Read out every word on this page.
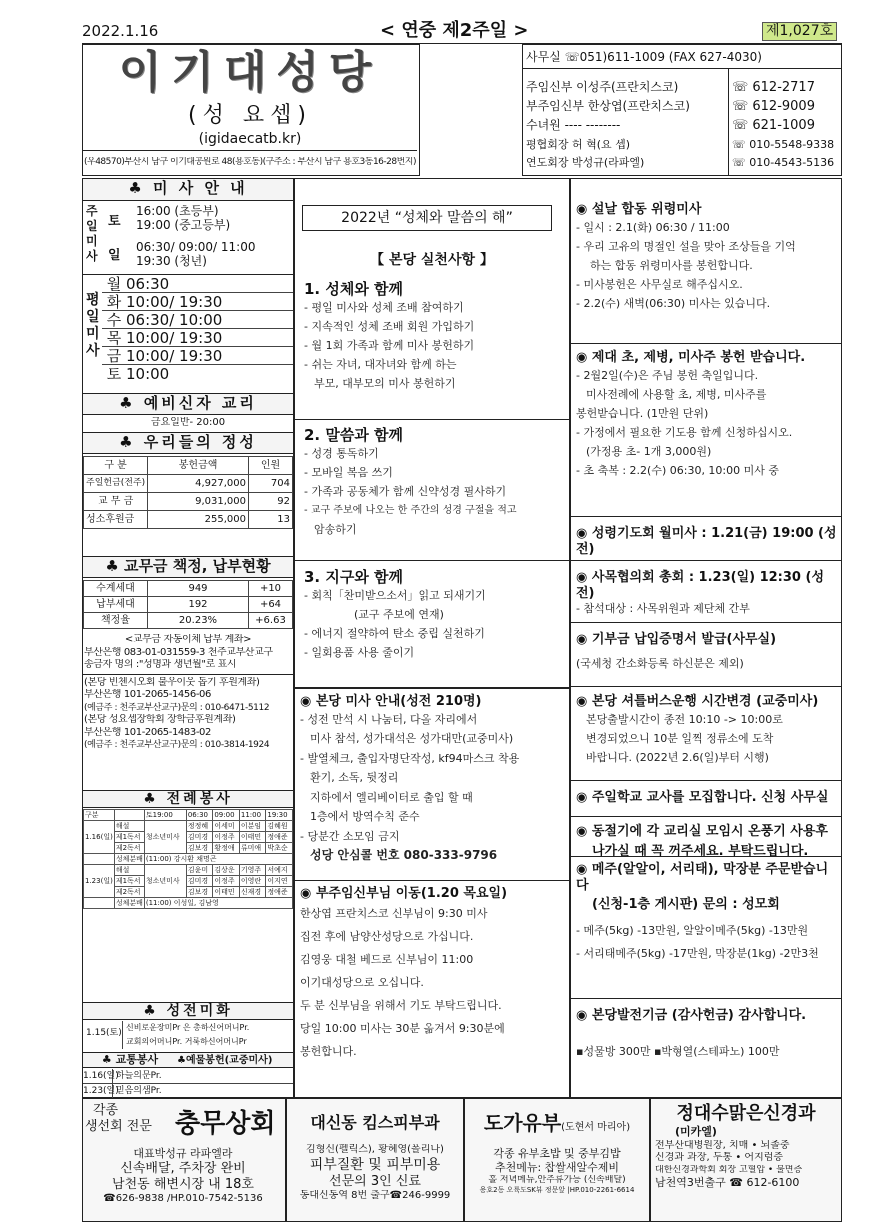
2022.1.16	< 연중 제2주일 >	제1,027호
이기대성당
(성 요셉)
(igidaecatb.kr)
(우48570)부산시 남구 이기대공원로 48(용호동)(구주소 : 부산시 남구 용호3동16-28번지)
사무실 ☏051)611-1009 (FAX 627-4030)
주임신부 이성주(프란치스코)	☏ 612-2717
부주임신부 한상엽(프란치스코)	☏ 612-9009
수녀원 ---- --------	☏ 621-1009
평협회장 허 혁(요 셉)	☏ 010-5548-9338
연도회장 박성규(라파엘)	☏ 010-4543-5136
♣ 미 사 안 내
주일미사
토
16:00 (초등부)
19:00 (중고등부)
일
06:30/ 09:00/ 11:00
19:30 (청년)
평일미사
월 06:30
화 10:00/ 19:30
수 06:30/ 10:00
목 10:00/ 19:30
금 10:00/ 19:30
토 10:00
♣ 예비신자 교리
금요일반- 20:00
♣ 우리들의 정성
구 분	봉헌금액	인원
주일헌금(전주)	4,927,000	704
교 무 금	9,031,000	92
성소후원금	255,000	13
♣ 교무금 책정, 납부현황
수계세대	949	+10
납부세대	192	+64
책정율	20.23%	+6.63
<교무금 자동이체 납부 계좌>
부산은행 083-01-031559-3 천주교부산교구
송금자 명의 :"성명과 생년월"로 표시
(본당 빈첸시오회 불우이웃 돕기 후원계좌)
부산은행 101-2065-1456-06
(예금주 : 천주교부산교구)문의 : 010-6471-5112
(본당 성요셉장학회 장학금후원계좌)
부산은행 101-2065-1483-02
(예금주 : 천주교부산교구)문의 : 010-3814-1924
♣ 전례봉사
구분		토19:00	06:30	09:00	11:00	19:30
1.16(일)	해설	청소년미사	정정혜	이세미	이분임	김혜원
	제1독서		김미경	이정주	이태민	정애준
	제2독서		김보경	황정애	류미애	박초순
	성체분배	(11:00) 강시환 채명곤				
1.23(일)	해설	청소년미사	김윤미	김상운	기영주	서예지
	제1독서		김미경	이정주	이영란	이지연
	제2독서		김보경	이태민	신재경	정애준
	성체분배	(11:00) 이성일, 김남영				
♣ 성전미화
1.15(토)
신비로운장미Pr 은 총하신어머니Pr.
교회의어머니Pr. 거룩하신어머니Pr
♣ 교통봉사 ♣예물봉헌(교중미사)
1.16(일) 하늘의문Pr.
1.23(일) 믿음의샘Pr.
2022년 “성체와 말씀의 해”
【 본당 실천사항 】
1. 성체와 함께
- 평일 미사와 성체 조배 참여하기
- 지속적인 성체 조배 회원 가입하기
- 월 1회 가족과 함께 미사 봉헌하기
- 쉬는 자녀, 대자녀와 함께 하는
부모, 대부모의 미사 봉헌하기
2. 말씀과 함께
- 성경 통독하기
- 모바일 복음 쓰기
- 가족과 공동체가 함께 신약성경 필사하기
- 교구 주보에 나오는 한 주간의 성경 구절을 적고
암송하기
3. 지구와 함께
- 회칙「찬미받으소서」읽고 되새기기
(교구 주보에 연재)
- 에너지 절약하여 탄소 중립 실천하기
- 일회용품 사용 줄이기
◉ 본당 미사 안내(성전 210명)
- 성전 만석 시 나눔터, 다올 자리에서
미사 참석, 성가대석은 성가대만(교중미사)
- 발열체크, 출입자명단작성, kf94마스크 착용
환기, 소독, 뒷정리
지하에서 엘리베이터로 출입 할 때
1층에서 방역수칙 준수
- 당분간 소모임 금지
성당 안심콜 번호 080-333-9796
◉ 부주임신부님 이동(1.20 목요일)
한상엽 프란치스코 신부님이 9:30 미사
집전 후에 남양산성당으로 가십니다.
김영웅 대철 베드로 신부님이 11:00
이기대성당으로 오십니다.
두 분 신부님을 위해서 기도 부탁드립니다.
당일 10:00 미사는 30분 옮겨서 9:30분에
봉헌합니다.
◉ 설날 합동 위령미사
- 일시 : 2.1(화) 06:30 / 11:00
- 우리 고유의 명절인 설을 맞아 조상들을 기억
하는 합동 위령미사를 봉헌합니다.
- 미사봉헌은 사무실로 해주십시오.
- 2.2(수) 새벽(06:30) 미사는 있습니다.
◉ 제대 초, 제병, 미사주 봉헌 받습니다.
- 2월2일(수)은 주님 봉헌 축일입니다.
미사전례에 사용할 초, 제병, 미사주를
봉헌받습니다. (1만원 단위)
- 가정에서 필요한 기도용 함께 신청하십시오.
(가정용 초- 1개 3,000원)
- 초 축복 : 2.2(수) 06:30, 10:00 미사 중
◉ 성령기도회 월미사 : 1.21(금) 19:00 (성전)
◉ 사목협의회 총회 : 1.23(일) 12:30 (성전)
- 참석대상 : 사목위원과 제단체 간부
◉ 기부금 납입증명서 발급(사무실)
(국세청 간소화등록 하신분은 제외)
◉ 본당 셔틀버스운행 시간변경 (교중미사)
본당출발시간이 종전 10:10 -> 10:00로
변경되었으니 10분 일찍 정류소에 도착
바랍니다. (2022년 2.6(일)부터 시행)
◉ 주일학교 교사를 모집합니다. 신청 사무실
◉ 동절기에 각 교리실 모임시 온풍기 사용후
나가실 때 꼭 꺼주세요. 부탁드립니다.
◉ 메주(알알이, 서리태), 막장분 주문받습니다
(신청-1층 게시판) 문의 : 성모회
- 메주(5kg) -13만원, 알알이메주(5kg) -13만원
- 서리태메주(5kg) -17만원, 막장분(1kg) -2만3천
◉ 본당발전기금 (감사헌금) 감사합니다.
▪성물방 300만 ▪박형열(스테파노) 100만
각종
생선회 전문 충무상회
대표박성규 라파엘라
신속배달, 주차장 완비
남천동 해변시장 내 18호
☎626-9838 /HP.010-7542-5136
대신동 킴스피부과
김형신(펠릭스), 황혜영(폴리나)
피부질환 및 피부미용
선문의 3인 신료
동대신동역 8번 출구☎246-9999
도가유부(도현서 마리아)
각종 유부초밥 및 중부김밥
추천메뉴: 찹쌀새알수제비
홀 저녁메뉴,안주류가능 (신속배달)
용호2동 오륙도SK뷰 정문앞 |HP.010-2261-6614
정대수맑은신경과
(미카엘)
전부산대병원장, 치매 • 뇌졸중
신경과 과장, 두통 • 어지럼증
대한신경과학회 회장 고혈압 • 불면증
남천역3번출구 ☎ 612-6100
